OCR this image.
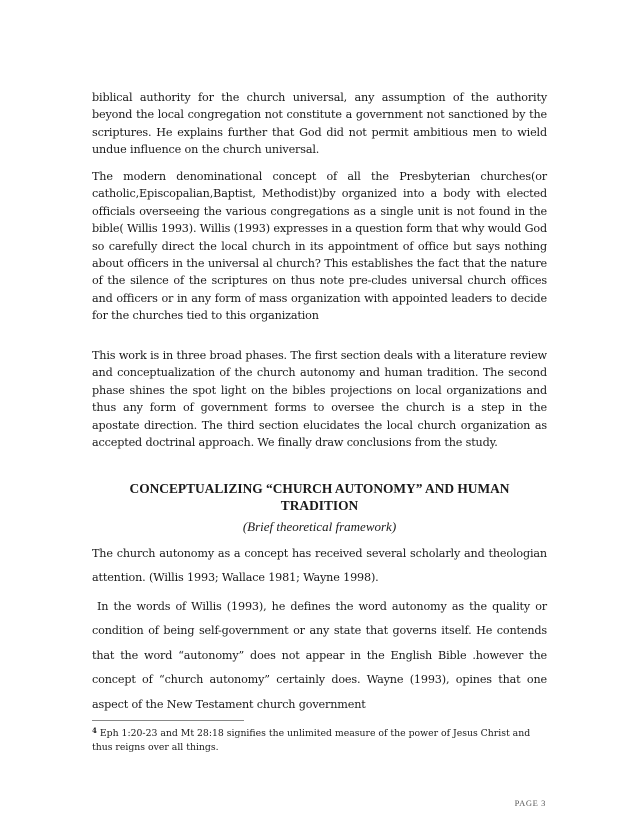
biblical authority for the church universal, any assumption of the authority beyond the local congregation not constitute a government not sanctioned by the scriptures. He explains further that God did not permit ambitious men to wield undue influence on the church universal.

The modern denominational concept of all the Presbyterian churches(or catholic,Episcopalian,Baptist, Methodist)by organized into a body with elected officials overseeing the various congregations as a single unit is not found in the bible( Willis 1993). Willis (1993) expresses in a question form that why would God so carefully direct the local church in its appointment of office but says nothing about officers in the universal al church? This establishes the fact that the nature of the silence of the scriptures on thus note pre-cludes universal church offices and officers or in any form of mass organization with appointed leaders to decide for the churches tied to this organization

This work is in three broad phases. The first section deals with a literature review and conceptualization of the church autonomy and human tradition. The second phase shines the spot light on the bibles projections on local organizations and thus any form of government forms to oversee the church is a step in the apostate direction. The third section elucidates the local church organization as accepted doctrinal approach. We finally draw conclusions from the study.

CONCEPTUALIZING “CHURCH AUTONOMY” AND HUMAN TRADITION

(Brief theoretical framework)

The church autonomy as a concept has received several scholarly and theologian attention. (Willis 1993; Wallace 1981; Wayne 1998).

In the words of Willis (1993), he defines the word autonomy as the quality or condition of being self-government or any state that governs itself. He contends that the word “autonomy” does not appear in the English Bible .however the concept of “church autonomy” certainly does. Wayne (1993), opines that one aspect of the New Testament church government

$^4$ Eph 1:20-23 and Mt 28:18 signifies the unlimited measure of the power of Jesus Christ and thus reigns over all things.

PAGE 3
